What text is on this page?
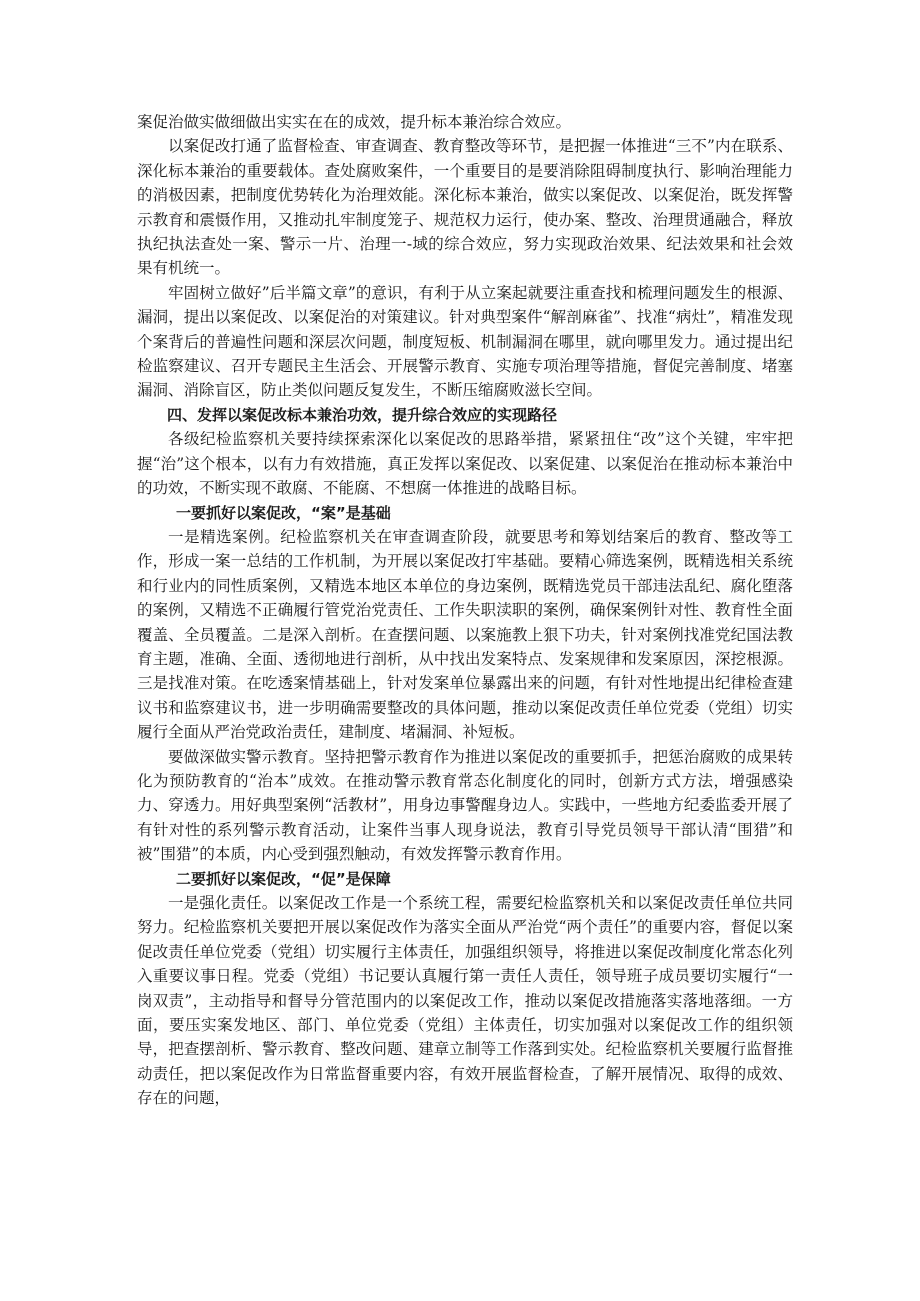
案促治做实做细做出实实在在的成效，提升标本兼治综合效应。

以案促改打通了监督检查、审查调查、教育整改等环节，是把握一体推进“三不”内在联系、深化标本兼治的重要载体。查处腐败案件，一个重要目的是要消除阻碍制度执行、影响治理能力的消极因素，把制度优势转化为治理效能。深化标本兼治，做实以案促改、以案促治，既发挥警示教育和震慑作用，又推动扎牢制度笼子、规范权力运行，使办案、整改、治理贯通融合，释放执纪执法查处一案、警示一片、治理一-域的综合效应，努力实现政治效果、纪法效果和社会效果有机统一。

牢固树立做好”后半篇文章”的意识，有利于从立案起就要注重查找和梳理问题发生的根源、漏洞，提出以案促改、以案促治的对策建议。针对典型案件“解剖麻雀”、找准“病灶”，精准发现个案背后的普遍性问题和深层次问题，制度短板、机制漏洞在哪里，就向哪里发力。通过提出纪检监察建议、召开专题民主生活会、开展警示教育、实施专项治理等措施，督促完善制度、堵塞漏洞、消除盲区，防止类似问题反复发生，不断压缩腐败滋长空间。

四、发挥以案促改标本兼治功效，提升综合效应的实现路径

各级纪检监察机关要持续探索深化以案促改的思路举措，紧紧扭住“改”这个关键，牢牢把握“治”这个根本，以有力有效措施，真正发挥以案促改、以案促建、以案促治在推动标本兼治中的功效，不断实现不敢腐、不能腐、不想腐一体推进的战略目标。

一要抓好以案促改，“案”是基础

一是精选案例。纪检监察机关在审查调查阶段，就要思考和筹划结案后的教育、整改等工作，形成一案一总结的工作机制，为开展以案促改打牢基础。要精心筛选案例，既精选相关系统和行业内的同性质案例，又精选本地区本单位的身边案例，既精选党员干部违法乱纪、腐化堕落的案例，又精选不正确履行管党治党责任、工作失职渎职的案例，确保案例针对性、教育性全面覆盖、全员覆盖。二是深入剖析。在查摆问题、以案施教上狠下功夫，针对案例找准党纪国法教育主题，准确、全面、透彻地进行剖析，从中找出发案特点、发案规律和发案原因，深挖根源。三是找准对策。在吃透案情基础上，针对发案单位暴露出来的问题，有针对性地提出纪律检查建议书和监察建议书，进一步明确需要整改的具体问题，推动以案促改责任单位党委（党组）切实履行全面从严治党政治责任，建制度、堵漏洞、补短板。

要做深做实警示教育。坚持把警示教育作为推进以案促改的重要抓手，把惩治腐败的成果转化为预防教育的“治本”成效。在推动警示教育常态化制度化的同时，创新方式方法，增强感染力、穿透力。用好典型案例“活教材”，用身边事警醒身边人。实践中，一些地方纪委监委开展了有针对性的系列警示教育活动，让案件当事人现身说法，教育引导党员领导干部认清“围猎”和被”围猎”的本质，内心受到强烈触动，有效发挥警示教育作用。

二要抓好以案促改，“促”是保障

一是强化责任。以案促改工作是一个系统工程，需要纪检监察机关和以案促改责任单位共同努力。纪检监察机关要把开展以案促改作为落实全面从严治党“两个责任”的重要内容，督促以案促改责任单位党委（党组）切实履行主体责任，加强组织领导，将推进以案促改制度化常态化列入重要议事日程。党委（党组）书记要认真履行第一责任人责任，领导班子成员要切实履行“一岗双责”，主动指导和督导分管范围内的以案促改工作，推动以案促改措施落实落地落细。一方面，要压实案发地区、部门、单位党委（党组）主体责任，切实加强对以案促改工作的组织领导，把查摆剖析、警示教育、整改问题、建章立制等工作落到实处。纪检监察机关要履行监督推动责任，把以案促改作为日常监督重要内容，有效开展监督检查，了解开展情况、取得的成效、存在的问题，
